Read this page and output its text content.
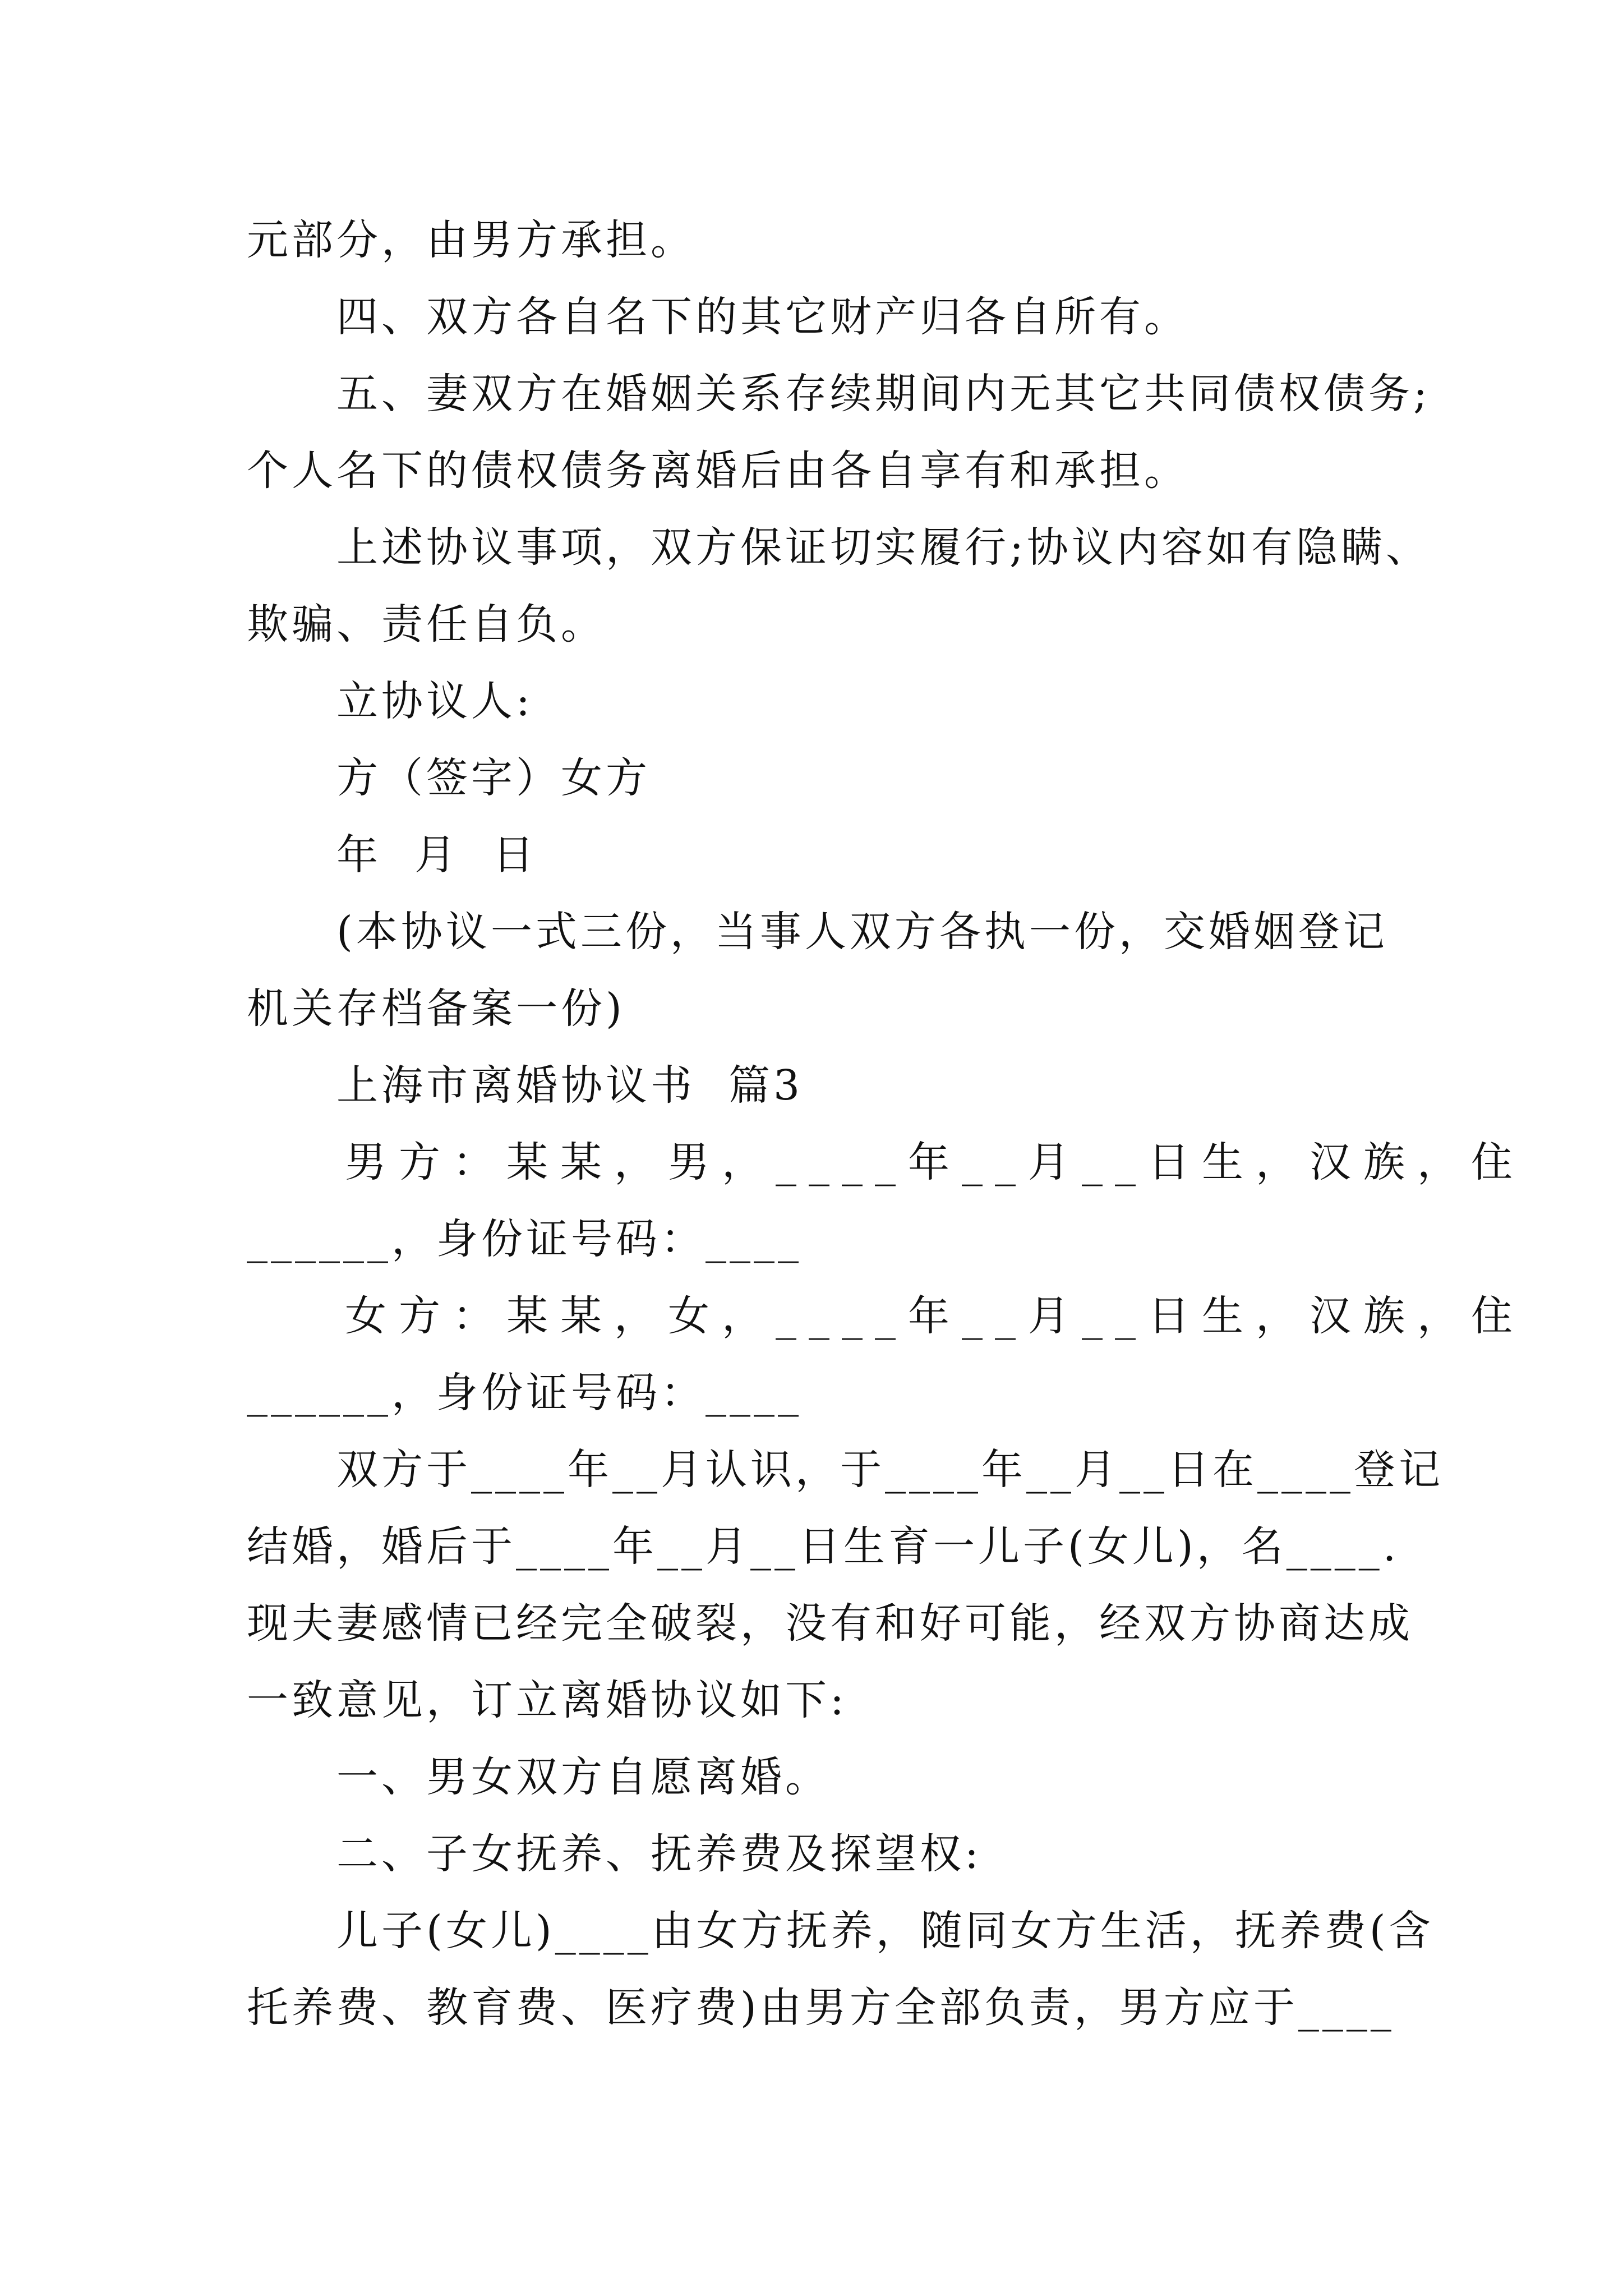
元部分，由男方承担。
四、双方各自名下的其它财产归各自所有。
五、妻双方在婚姻关系存续期间内无其它共同债权债务;
个人名下的债权债务离婚后由各自享有和承担。
上述协议事项，双方保证切实履行;协议内容如有隐瞒、
欺骗、责任自负。
立协议人:
方（签字）女方
年  月  日
(本协议一式三份，当事人双方各执一份，交婚姻登记
机关存档备案一份)
上海市离婚协议书  篇3
男方：某某，男，____年__月__日生，汉族，住
______，身份证号码：____
女方：某某，女，____年__月__日生，汉族，住
______，身份证号码：____
双方于____年__月认识，于____年__月__日在____登记
结婚，婚后于____年__月__日生育一儿子(女儿)，名____.
现夫妻感情已经完全破裂，没有和好可能，经双方协商达成
一致意见，订立离婚协议如下:
一、男女双方自愿离婚。
二、子女抚养、抚养费及探望权:
儿子(女儿)____由女方抚养，随同女方生活，抚养费(含
托养费、教育费、医疗费)由男方全部负责，男方应于____
